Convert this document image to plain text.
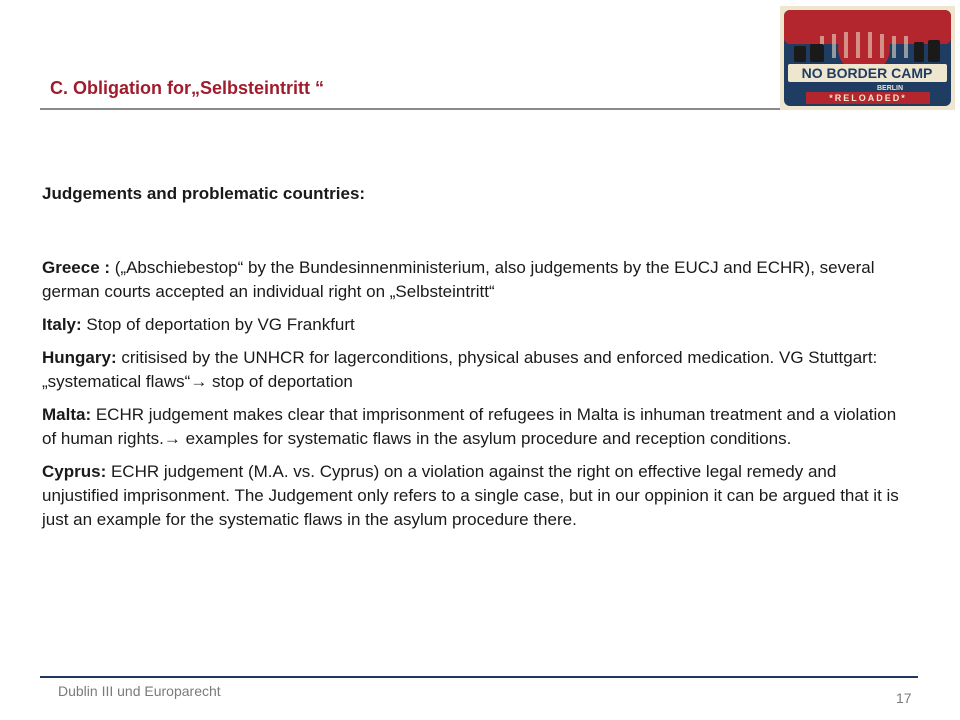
C. Obligation for„Selbsteintritt “
NO BORDER CAMP
BERLIN
*RELOADED*

Judgements and problematic countries:

Greece : („Abschiebestop“ by the Bundesinnenministerium, also judgements by the EUCJ and ECHR), several german courts accepted an individual right on „Selbsteintritt“

Italy: Stop of deportation by VG Frankfurt

Hungary: critisised by the UNHCR for lagerconditions, physical abuses and enforced medication. VG Stuttgart: „systematical flaws“→ stop of deportation

Malta: ECHR judgement makes clear that imprisonment of refugees in Malta is inhuman treatment and a violation of human rights.→ examples for systematic flaws in the asylum procedure and reception conditions.

Cyprus: ECHR judgement (M.A. vs. Cyprus) on a violation against the right on effective legal remedy and unjustified imprisonment. The Judgement only refers to a single case, but in our oppinion it can be argued that it is just an example for the systematic flaws in the asylum procedure there.

Dublin III und Europarecht	17
